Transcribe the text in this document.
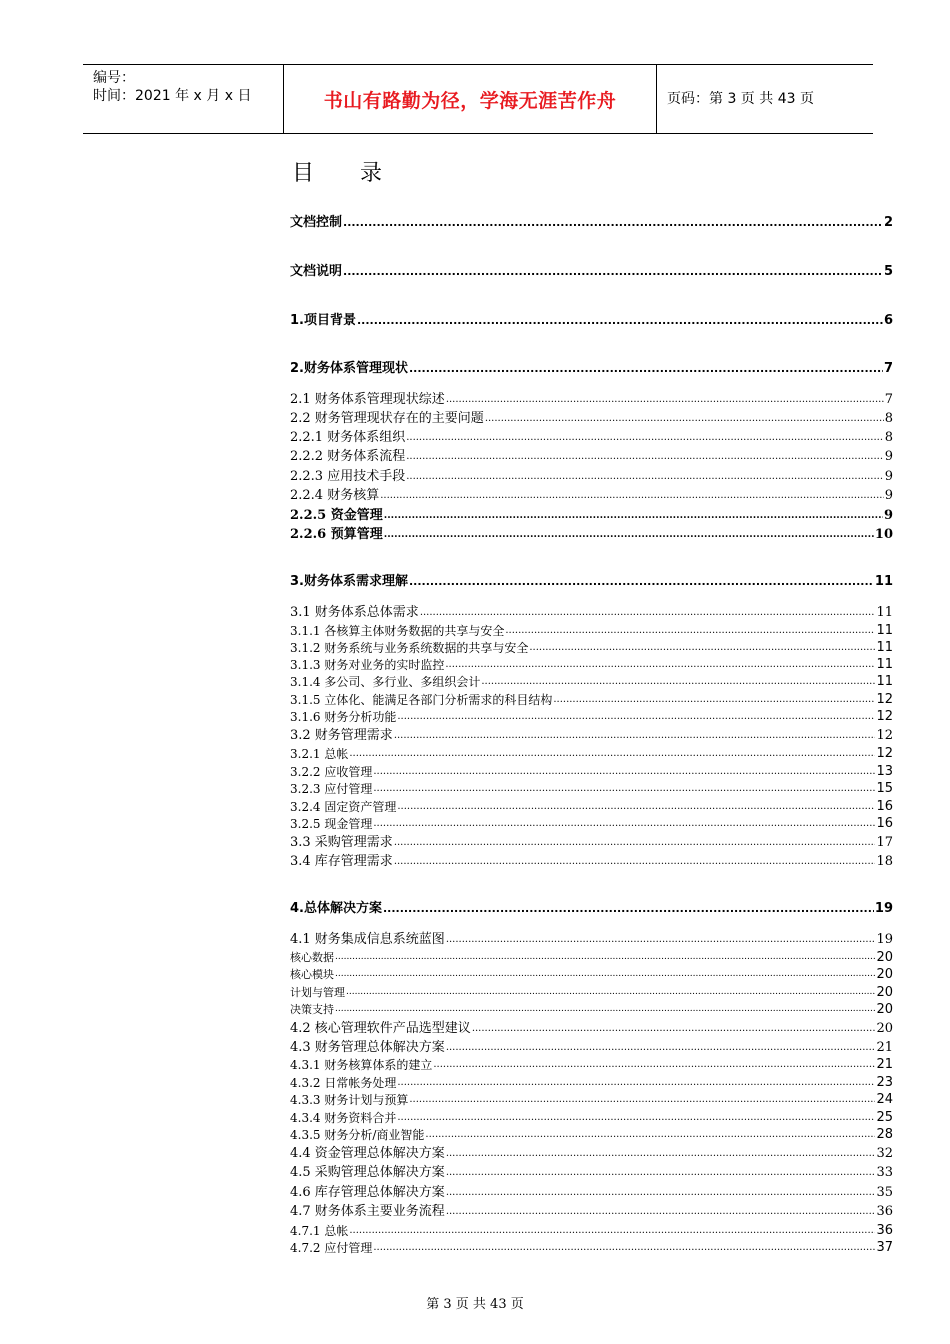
编号：
时间：2021 年 x 月 x 日	书山有路勤为径，学海无涯苦作舟	页码：第 3 页 共 43 页
目 录
文档控制 .....	2
文档说明 .....	5
1.项目背景 .....	6
2.财务体系管理现状 .....	7
2.1 财务体系管理现状综述 .....	7
2.2 财务管理现状存在的主要问题 .....	8
2.2.1 财务体系组织 .....	8
2.2.2 财务体系流程 .....	9
2.2.3 应用技术手段 .....	9
2.2.4 财务核算 .....	9
2.2.5 资金管理 .....	9
2.2.6 预算管理 .....	10
3.财务体系需求理解 .....	11
3.1 财务体系总体需求 .....	11
3.1.1 各核算主体财务数据的共享与安全 .....	11
3.1.2 财务系统与业务系统数据的共享与安全 .....	11
3.1.3 财务对业务的实时监控 .....	11
3.1.4 多公司、多行业、多组织会计 .....	11
3.1.5 立体化、能满足各部门分析需求的科目结构 .....	12
3.1.6 财务分析功能 .....	12
3.2 财务管理需求 .....	12
3.2.1 总帐 .....	12
3.2.2 应收管理 .....	13
3.2.3 应付管理 .....	15
3.2.4 固定资产管理 .....	16
3.2.5 现金管理 .....	16
3.3 采购管理需求 .....	17
3.4 库存管理需求 .....	18
4.总体解决方案 .....	19
4.1 财务集成信息系统蓝图 .....	19
核心数据 .....	20
核心模块 .....	20
计划与管理 .....	20
决策支持 .....	20
4.2 核心管理软件产品选型建议 .....	20
4.3 财务管理总体解决方案 .....	21
4.3.1 财务核算体系的建立 .....	21
4.3.2 日常帐务处理 .....	23
4.3.3 财务计划与预算 .....	24
4.3.4 财务资料合并 .....	25
4.3.5 财务分析/商业智能 .....	28
4.4 资金管理总体解决方案 .....	32
4.5 采购管理总体解决方案 .....	33
4.6 库存管理总体解决方案 .....	35
4.7 财务体系主要业务流程 .....	36
4.7.1 总帐 .....	36
4.7.2 应付管理 .....	37
第 3 页 共 43 页
